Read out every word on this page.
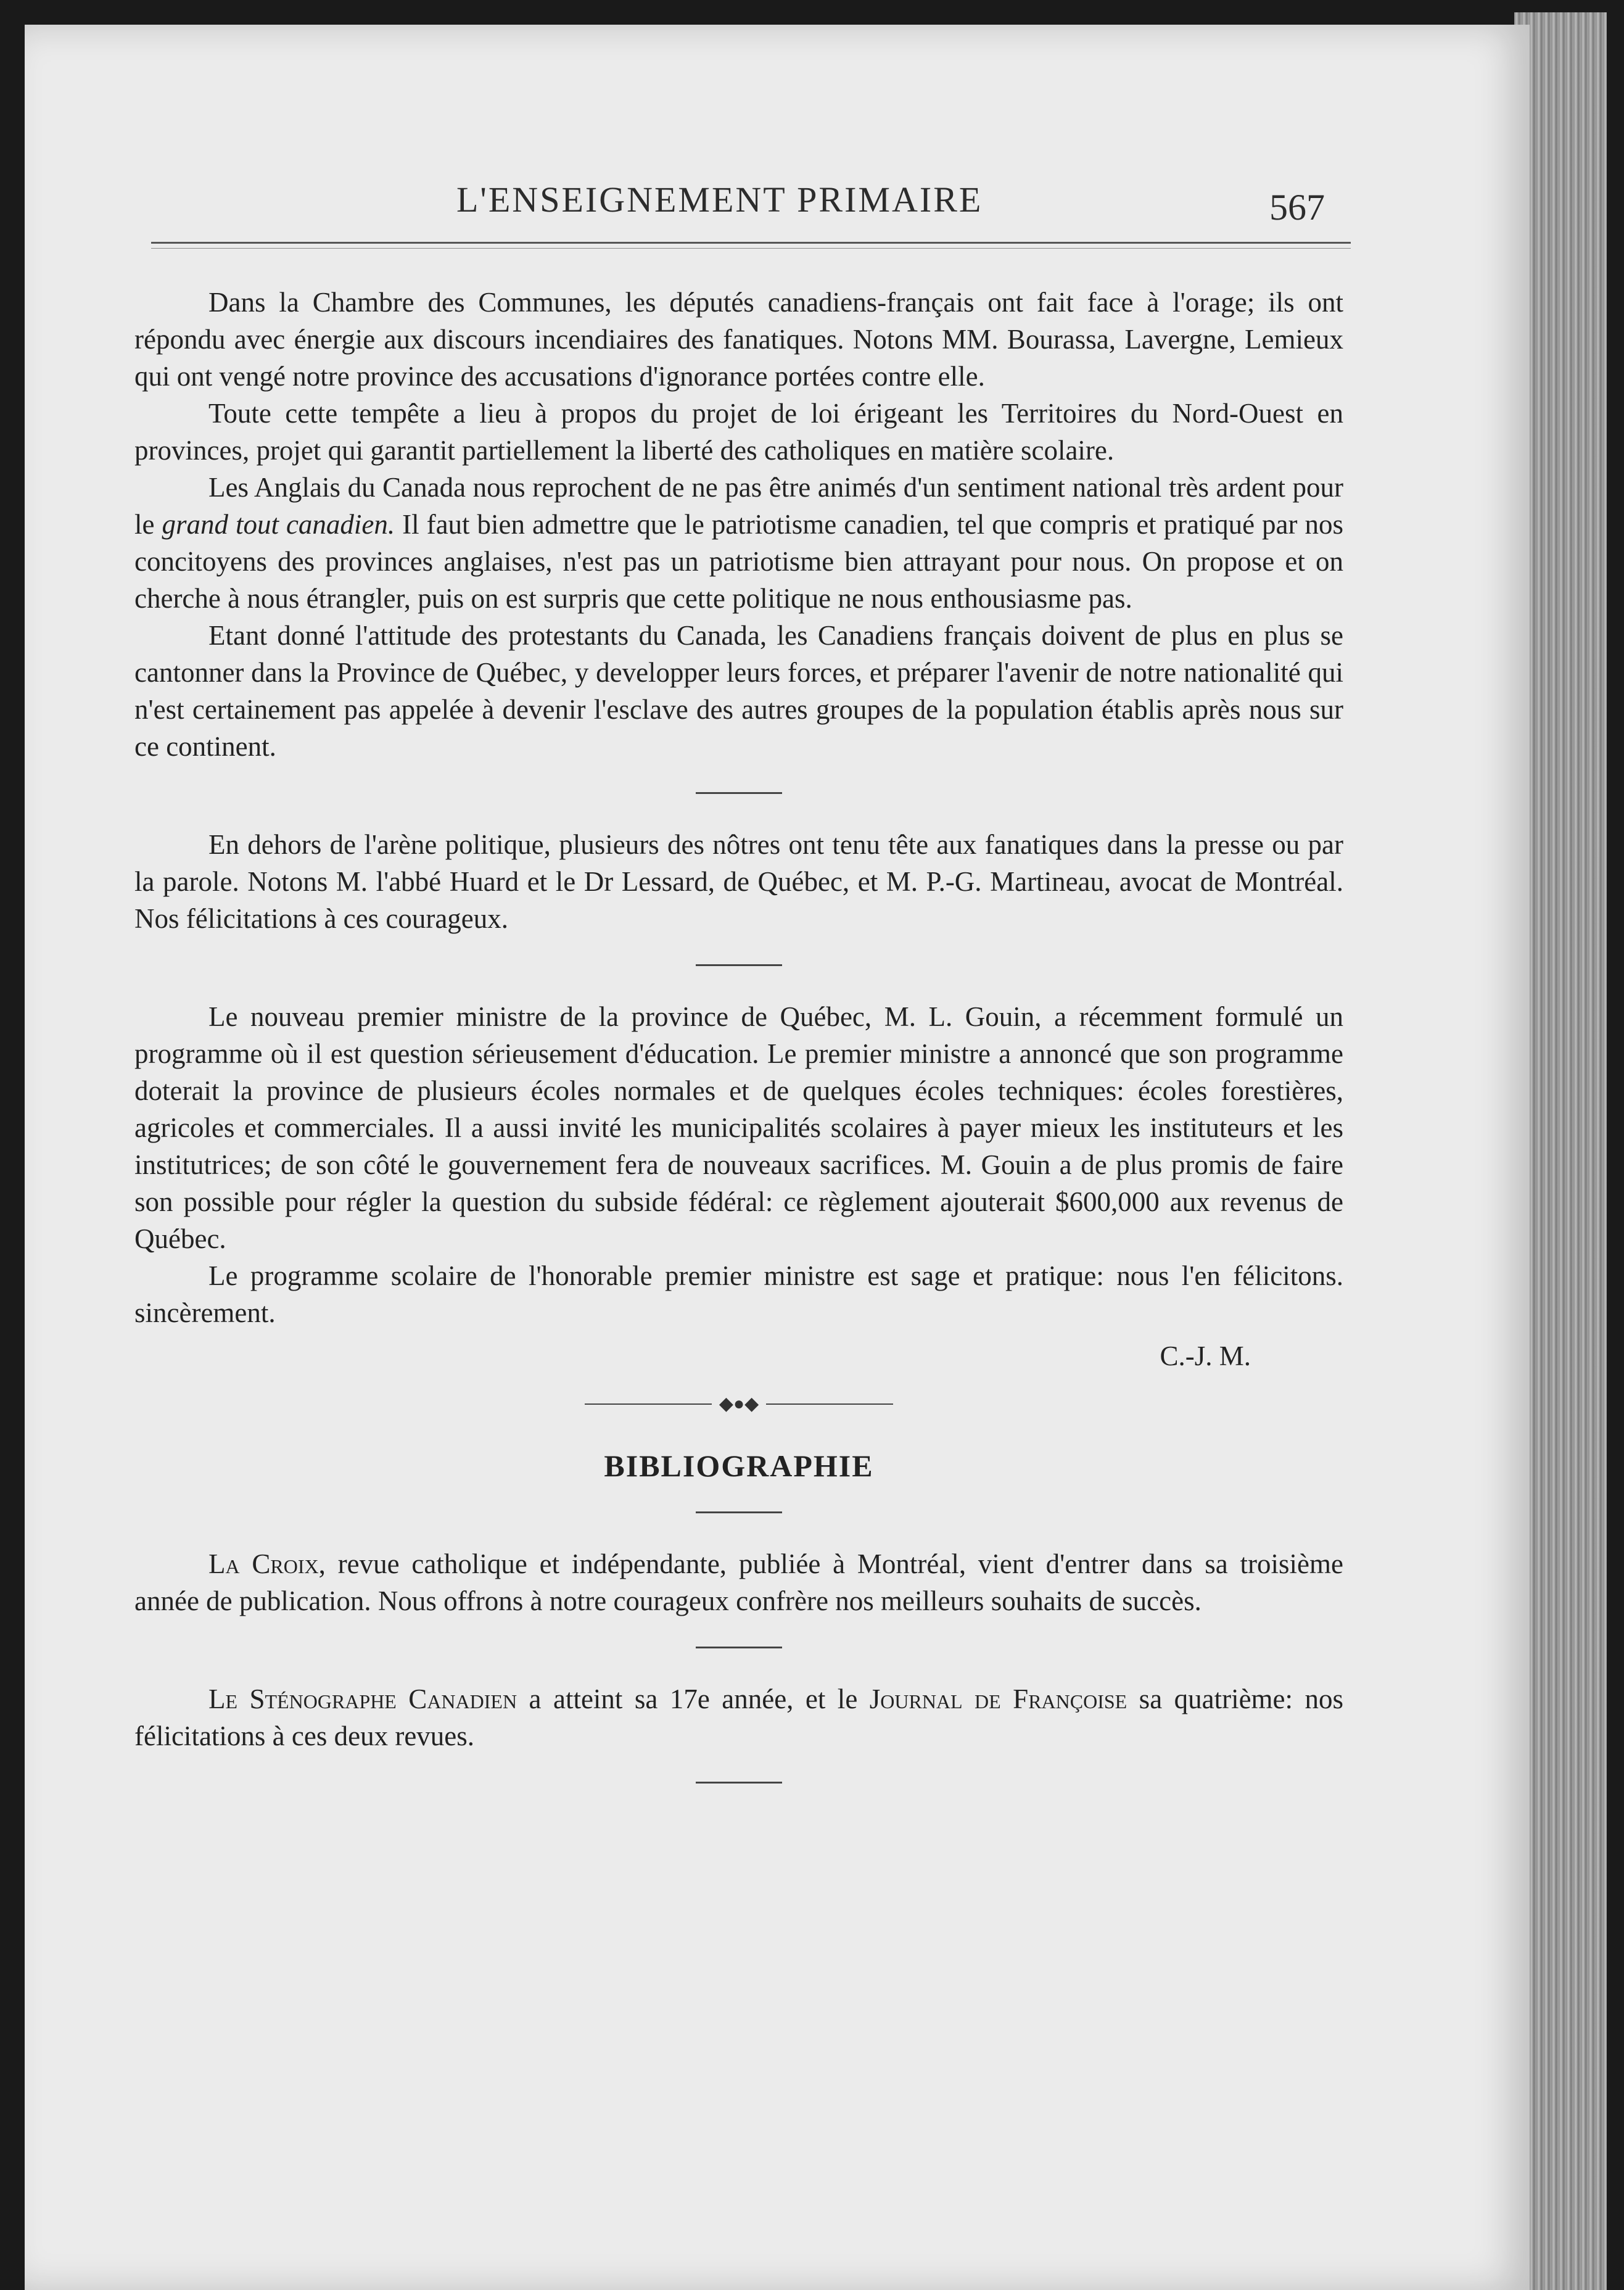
L'ENSEIGNEMENT PRIMAIRE	567

Dans la Chambre des Communes, les députés canadiens-français ont fait face à l'orage; ils ont répondu avec énergie aux discours incendiaires des fanatiques. Notons MM. Bourassa, Lavergne, Lemieux qui ont vengé notre province des accusations d'ignorance portées contre elle.

Toute cette tempête a lieu à propos du projet de loi érigeant les Territoires du Nord-Ouest en provinces, projet qui garantit partiellement la liberté des catholiques en matière scolaire.

Les Anglais du Canada nous reprochent de ne pas être animés d'un sentiment national très ardent pour le grand tout canadien. Il faut bien admettre que le patriotisme canadien, tel que compris et pratiqué par nos concitoyens des provinces anglaises, n'est pas un patriotisme bien attrayant pour nous. On propose et on cherche à nous étrangler, puis on est surpris que cette politique ne nous enthousiasme pas.

Etant donné l'attitude des protestants du Canada, les Canadiens français doivent de plus en plus se cantonner dans la Province de Québec, y developper leurs forces, et préparer l'avenir de notre nationalité qui n'est certainement pas appelée à devenir l'esclave des autres groupes de la population établis après nous sur ce continent.

En dehors de l'arène politique, plusieurs des nôtres ont tenu tête aux fanatiques dans la presse ou par la parole. Notons M. l'abbé Huard et le Dr Lessard, de Québec, et M. P.-G. Martineau, avocat de Montréal. Nos félicitations à ces courageux.

Le nouveau premier ministre de la province de Québec, M. L. Gouin, a récemment formulé un programme où il est question sérieusement d'éducation. Le premier ministre a annoncé que son programme doterait la province de plusieurs écoles normales et de quelques écoles techniques: écoles forestières, agricoles et commerciales. Il a aussi invité les municipalités scolaires à payer mieux les instituteurs et les institutrices; de son côté le gouvernement fera de nouveaux sacrifices. M. Gouin a de plus promis de faire son possible pour régler la question du subside fédéral: ce règlement ajouterait $600,000 aux revenus de Québec.

Le programme scolaire de l'honorable premier ministre est sage et pratique: nous l'en félicitons. sincèrement.

C.-J. M.
◆●◆
BIBLIOGRAPHIE

La Croix, revue catholique et indépendante, publiée à Montréal, vient d'entrer dans sa troisième année de publication. Nous offrons à notre courageux confrère nos meilleurs souhaits de succès.

Le Sténographe Canadien a atteint sa 17e année, et le Journal de Françoise sa quatrième: nos félicitations à ces deux revues.
